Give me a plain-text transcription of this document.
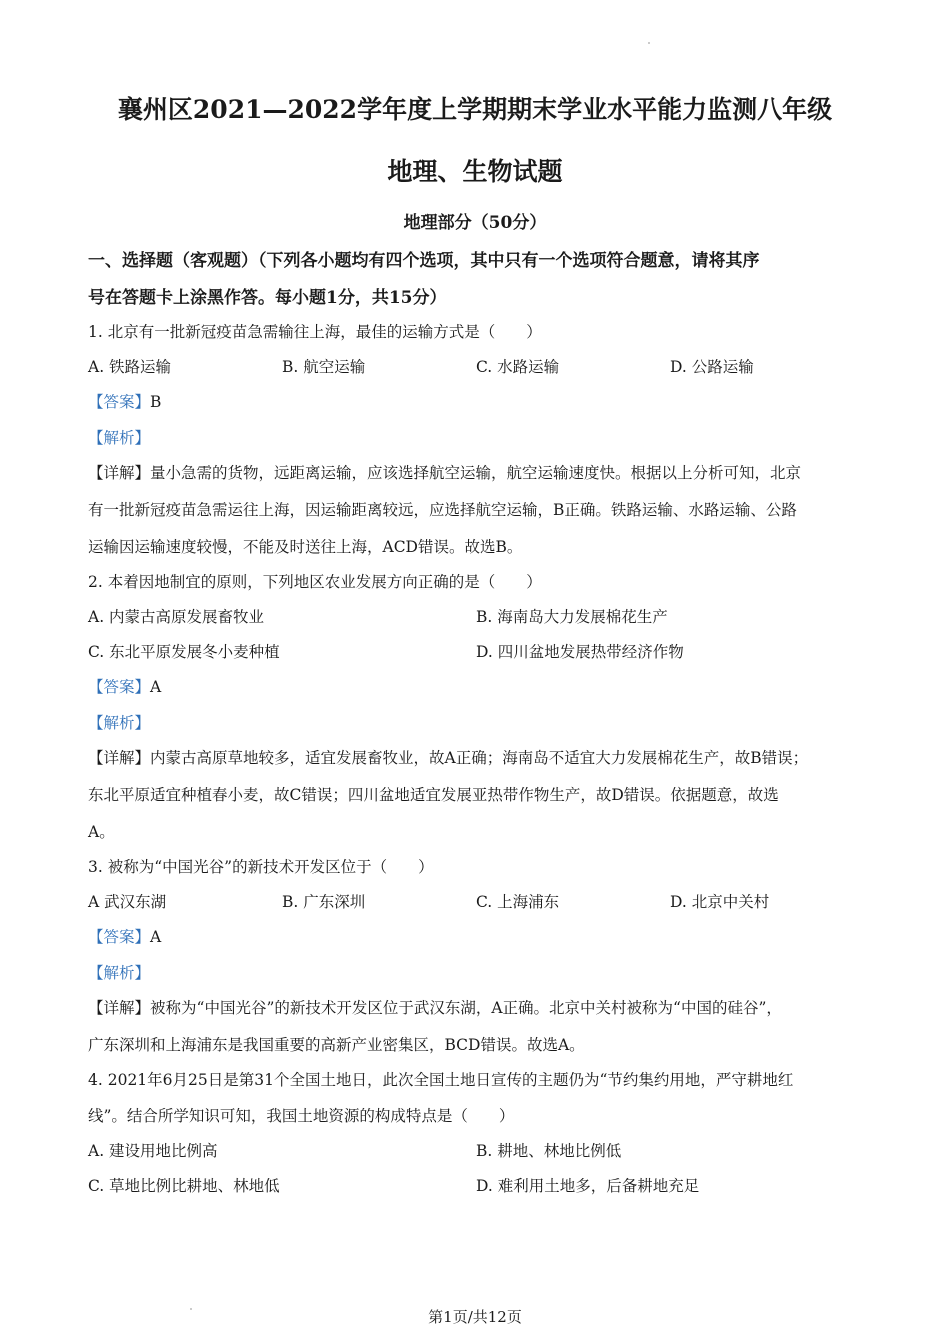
襄州区2021—2022学年度上学期期末学业水平能力监测八年级
地理、生物试题
地理部分（50分）
一、选择题（客观题）（下列各小题均有四个选项，其中只有一个选项符合题意，请将其序
号在答题卡上涂黑作答。每小题1分，共15分）
1. 北京有一批新冠疫苗急需输往上海，最佳的运输方式是（　　）
A. 铁路运输	B. 航空运输	C. 水路运输	D. 公路运输
【答案】B
【解析】
【详解】量小急需的货物，远距离运输，应该选择航空运输，航空运输速度快。根据以上分析可知，北京
有一批新冠疫苗急需运往上海，因运输距离较远，应选择航空运输，B正确。铁路运输、水路运输、公路
运输因运输速度较慢，不能及时送往上海，ACD错误。故选B。
2. 本着因地制宜的原则，下列地区农业发展方向正确的是（　　）
A. 内蒙古高原发展畜牧业	B. 海南岛大力发展棉花生产
C. 东北平原发展冬小麦种植	D. 四川盆地发展热带经济作物
【答案】A
【解析】
【详解】内蒙古高原草地较多，适宜发展畜牧业，故A正确；海南岛不适宜大力发展棉花生产，故B错误；
东北平原适宜种植春小麦，故C错误；四川盆地适宜发展亚热带作物生产，故D错误。依据题意，故选
A。
3. 被称为“中国光谷”的新技术开发区位于（　　）
A 武汉东湖	B. 广东深圳	C. 上海浦东	D. 北京中关村
【答案】A
【解析】
【详解】被称为“中国光谷”的新技术开发区位于武汉东湖，A正确。北京中关村被称为“中国的硅谷”，
广东深圳和上海浦东是我国重要的高新产业密集区，BCD错误。故选A。
4. 2021年6月25日是第31个全国土地日，此次全国土地日宣传的主题仍为“节约集约用地，严守耕地红
线”。结合所学知识可知，我国土地资源的构成特点是（　　）
A. 建设用地比例高	B. 耕地、林地比例低
C. 草地比例比耕地、林地低	D. 难利用土地多，后备耕地充足
第1页/共12页
